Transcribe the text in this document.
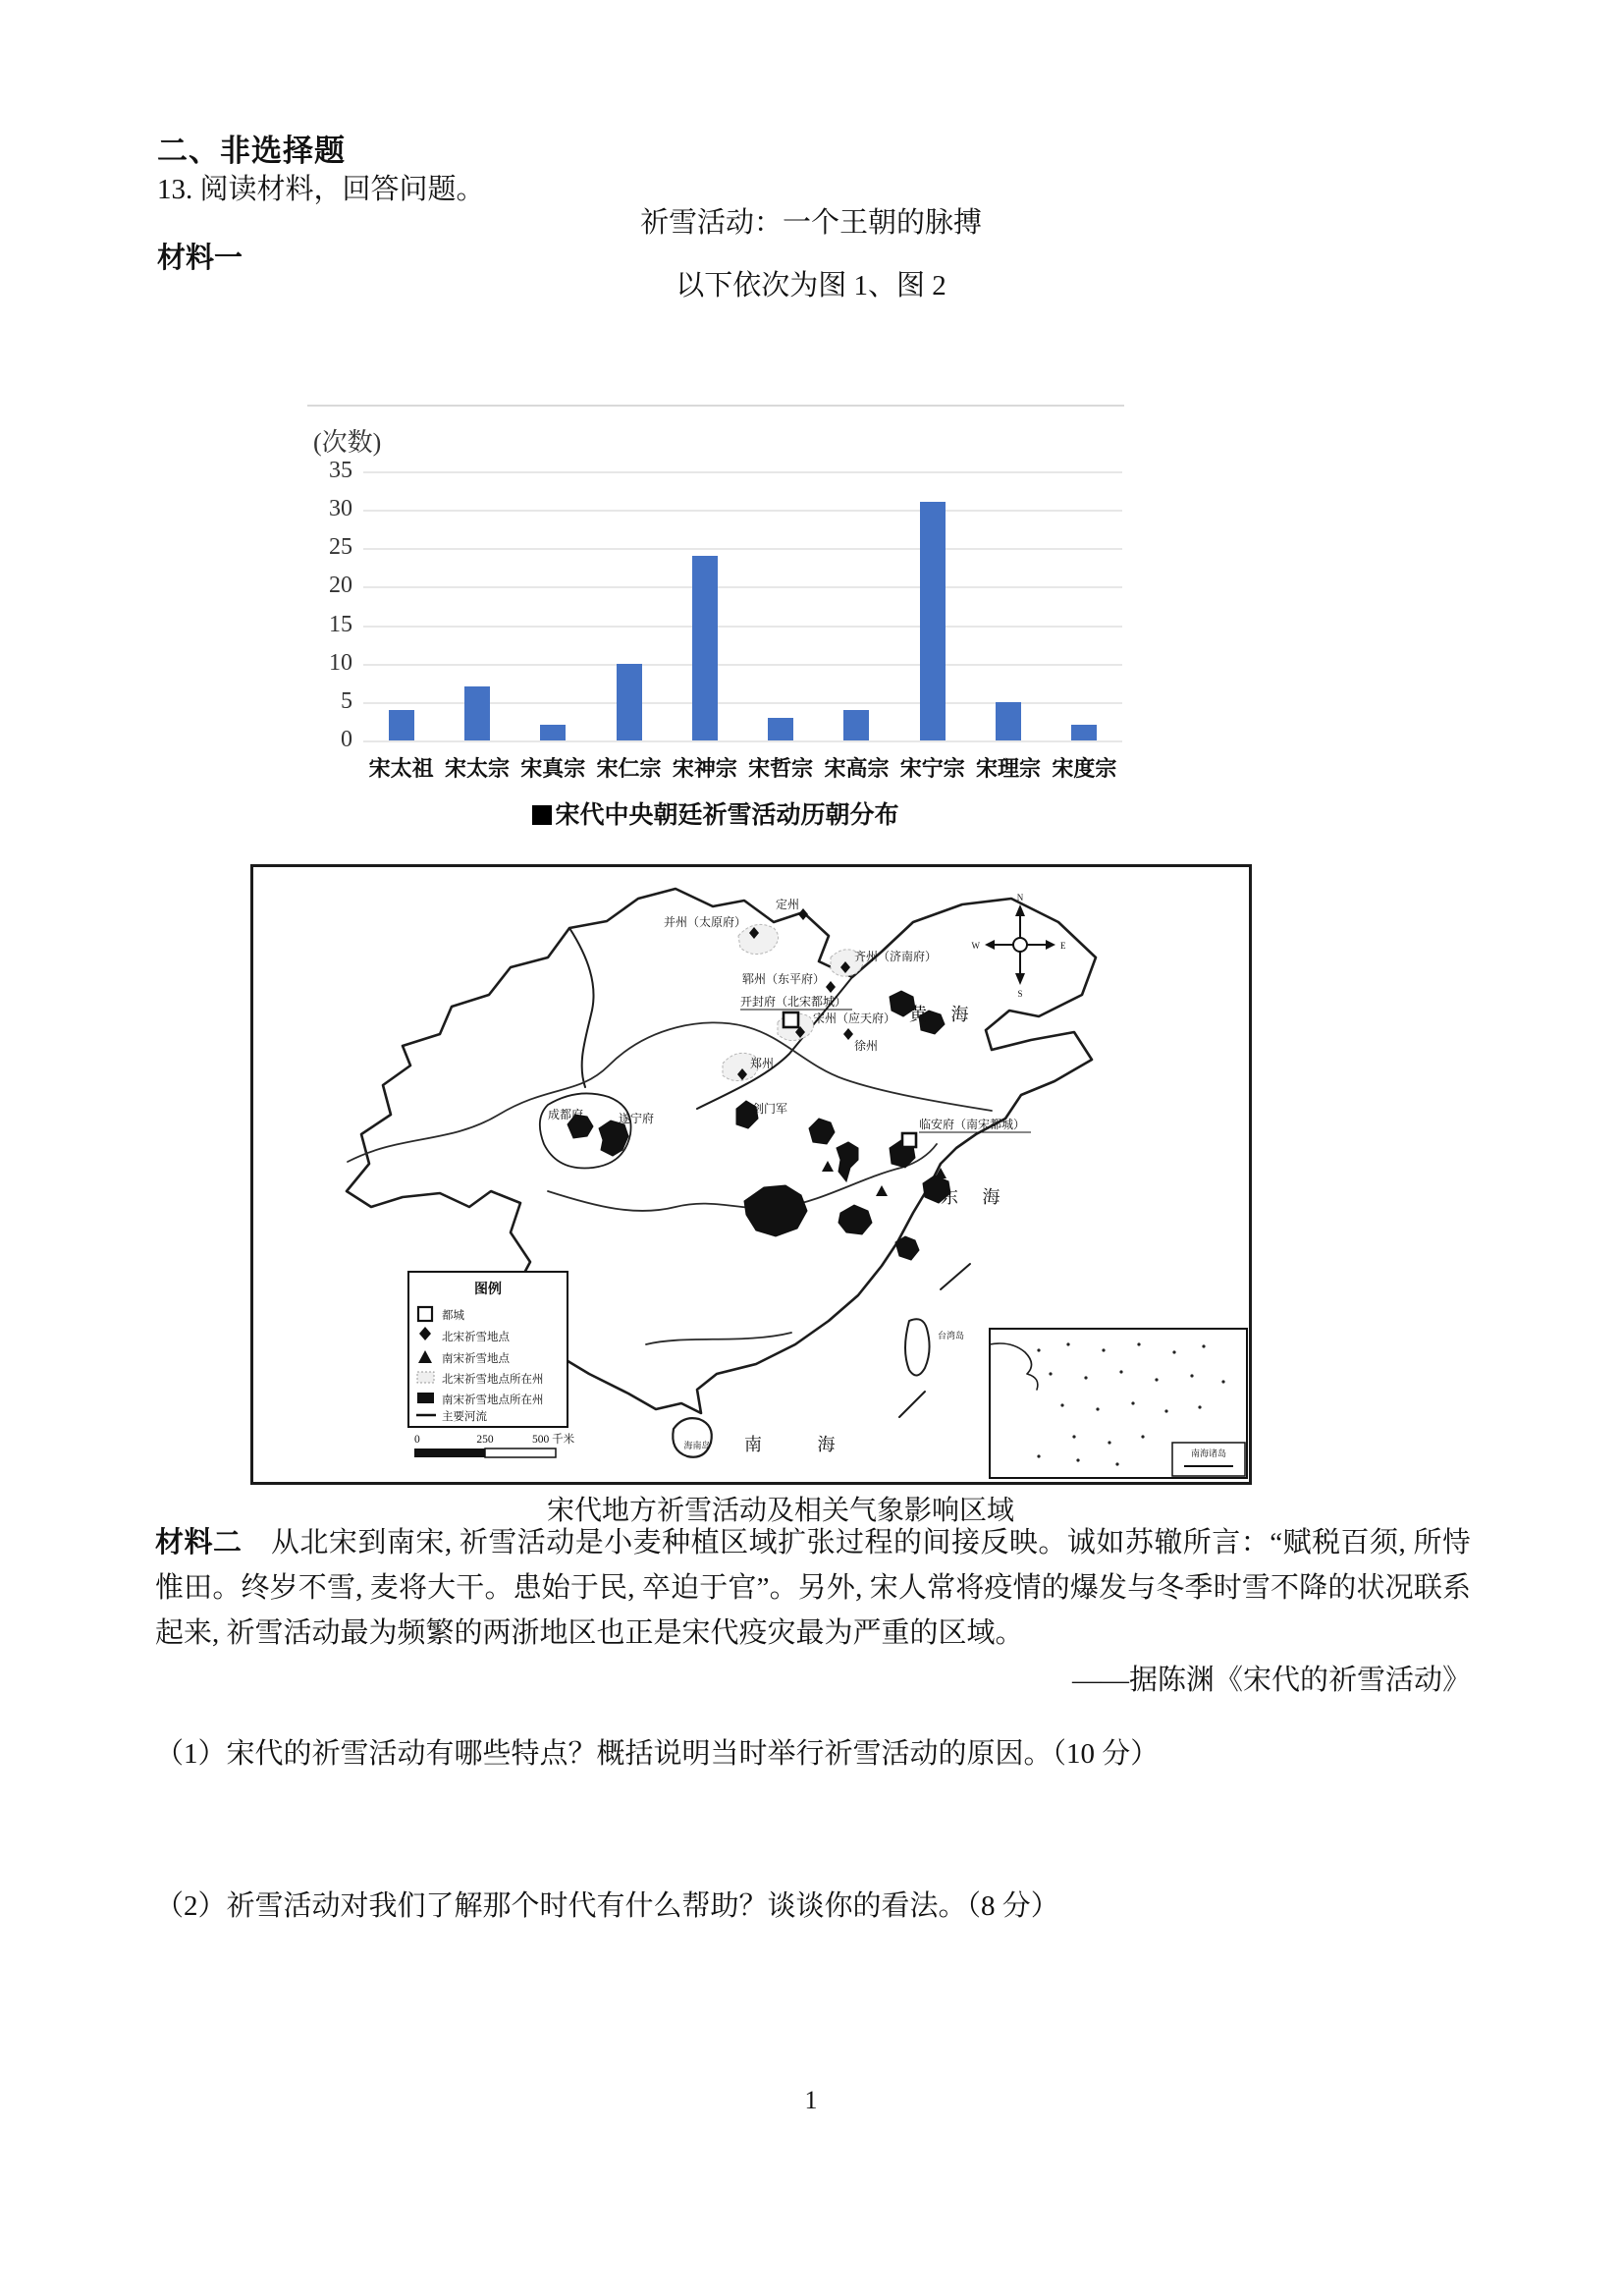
二、非选择题
13. 阅读材料，回答问题。
祈雪活动：一个王朝的脉搏
材料一
以下依次为图 1、图 2
(次数)
0
5
10
15
20
25
30
35
宋太祖 宋太宗 宋真宗 宋仁宗 宋神宗 宋哲宗 宋高宗 宋宁宗 宋理宗 宋度宗
宋代中央朝廷祈雪活动历朝分布
并州（太原府）
定州
齐州（济南府）
郓州（东平府）
开封府（北宋都城）
宋州（应天府）
徐州
郑州
剑门军
成都府	遂宁府	临安府（南宋都城）
黄 海
东 海
南 海
海南岛
台湾岛
N
S
W	E
图例
都城
北宋祈雪地点
南宋祈雪地点
北宋祈雪地点所在州
南宋祈雪地点所在州
主要河流
0	250	500 千米
南海诸岛
宋代地方祈雪活动及相关气象影响区域

材料二　 从北宋到南宋, 祈雪活动是小麦种植区域扩张过程的间接反映。诚如苏辙所言：“赋税百须, 所恃惟田。终岁不雪, 麦将大干。患始于民, 卒迫于官”。另外, 宋人常将疫情的爆发与冬季时雪不降的状况联系起来, 祈雪活动最为频繁的两浙地区也正是宋代疫灾最为严重的区域。

——据陈渊《宋代的祈雪活动》
（1）宋代的祈雪活动有哪些特点？概括说明当时举行祈雪活动的原因。（10 分）
（2）祈雪活动对我们了解那个时代有什么帮助？谈谈你的看法。（8 分）
1
